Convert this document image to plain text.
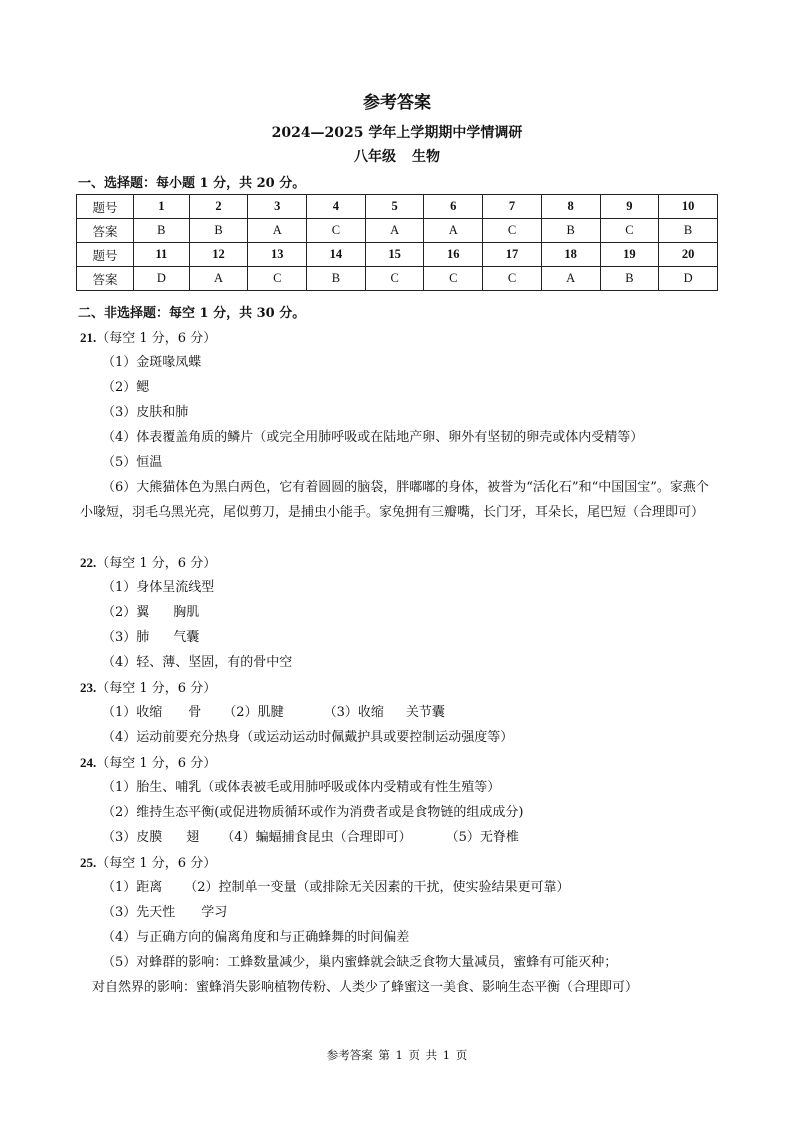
参考答案
2024—2025 学年上学期期中学情调研
八年级 生物
一、选择题：每小题 1 分，共 20 分。
题号	1	2	3	4	5	6	7	8	9	10
答案	B	B	A	C	A	A	C	B	C	B
题号	11	12	13	14	15	16	17	18	19	20
答案	D	A	C	B	C	C	C	A	B	D
二、非选择题：每空 1 分，共 30 分。
21.（每空 1 分，6 分）
（1）金斑喙凤蝶
（2）鳃
（3）皮肤和肺
（4）体表覆盖角质的鳞片（或完全用肺呼吸或在陆地产卵、卵外有坚韧的卵壳或体内受精等）
（5）恒温
（6）大熊猫体色为黑白两色，它有着圆圆的脑袋，胖嘟嘟的身体，被誉为“活化石”和“中国国宝”。家燕个小喙短，羽毛乌黑光亮，尾似剪刀，是捕虫小能手。家兔拥有三瓣嘴，长门牙，耳朵长，尾巴短（合理即可）
22.（每空 1 分，6 分）
（1）身体呈流线型
（2）翼 胸肌
（3）肺 气囊
（4）轻、薄、坚固，有的骨中空
23.（每空 1 分，6 分）
（1）收缩 骨 （2）肌腱	（3）收缩 关节囊
（4）运动前要充分热身（或运动运动时佩戴护具或要控制运动强度等）
24.（每空 1 分，6 分）
（1）胎生、哺乳（或体表被毛或用肺呼吸或体内受精或有性生殖等）
（2）维持生态平衡(或促进物质循环或作为消费者或是食物链的组成成分)
（3）皮膜 翅 （4）蝙蝠捕食昆虫（合理即可）	（5）无脊椎
25.（每空 1 分，6 分）
（1）距离 （2）控制单一变量（或排除无关因素的干扰，使实验结果更可靠）
（3）先天性 学习
（4）与正确方向的偏离角度和与正确蜂舞的时间偏差
（5）对蜂群的影响：工蜂数量减少，巢内蜜蜂就会缺乏食物大量减员，蜜蜂有可能灭种；
对自然界的影响：蜜蜂消失影响植物传粉、人类少了蜂蜜这一美食、影响生态平衡（合理即可）
参考答案 第 1 页 共 1 页
